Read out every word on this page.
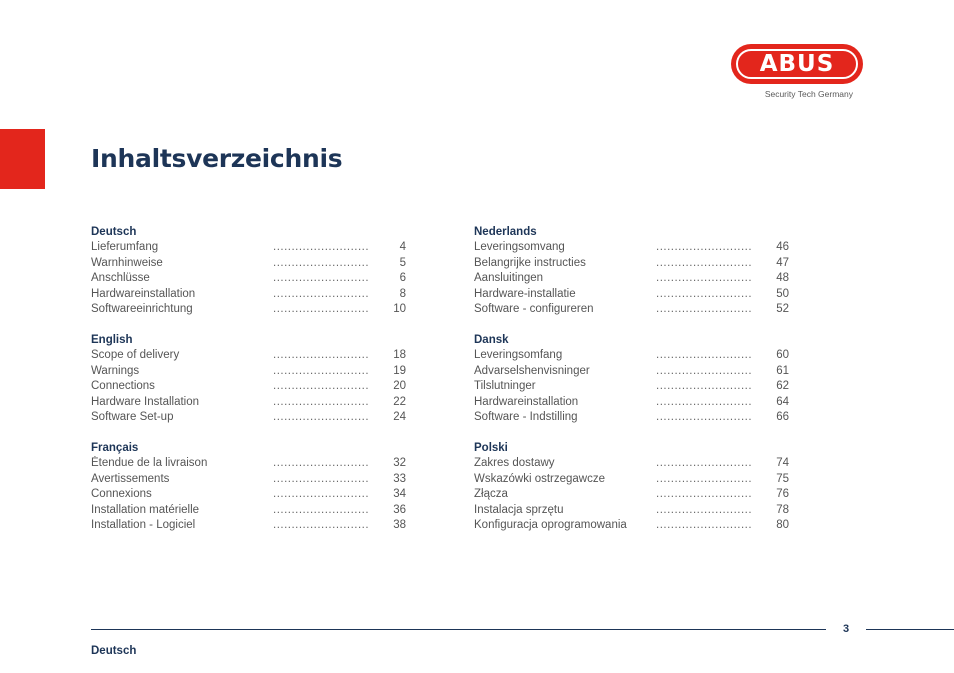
ABUS
Security Tech Germany
Inhaltsverzeichnis
Deutsch
Lieferumfang	..........................	4
Warnhinweise	..........................	5
Anschlüsse	..........................	6
Hardwareinstallation	..........................	8
Softwareeinrichtung	..........................	10
English
Scope of delivery	..........................	18
Warnings	..........................	19
Connections	..........................	20
Hardware Installation	..........................	22
Software Set-up	..........................	24
Français
Étendue de la livraison	..........................	32
Avertissements	..........................	33
Connexions	..........................	34
Installation matérielle	..........................	36
Installation - Logiciel	..........................	38
Nederlands
Leveringsomvang	..........................	46
Belangrijke instructies	..........................	47
Aansluitingen	..........................	48
Hardware-installatie	..........................	50
Software - configureren	..........................	52
Dansk
Leveringsomfang	..........................	60
Advarselshenvisninger	..........................	61
Tilslutninger	..........................	62
Hardwareinstallation	..........................	64
Software - Indstilling	..........................	66
Polski
Zakres dostawy	..........................	74
Wskazówki ostrzegawcze	..........................	75
Złącza	..........................	76
Instalacja sprzętu	..........................	78
Konfiguracja oprogramowania	..........................	80
3
Deutsch
